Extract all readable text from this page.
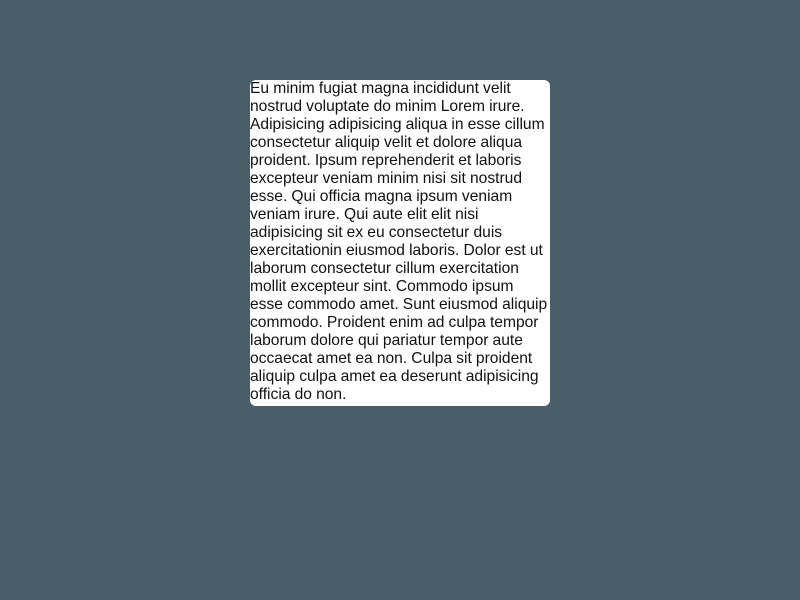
Eu minim fugiat magna incididunt velit nostrud voluptate do minim Lorem irure. Adipisicing adipisicing aliqua in esse cillum consectetur aliquip velit et dolore aliqua proident. Ipsum reprehenderit et laboris excepteur veniam minim nisi sit nostrud esse. Qui officia magna ipsum veniam veniam irure. Qui aute elit elit nisi adipisicing sit ex eu consectetur duis exercitationin eiusmod laboris. Dolor est ut laborum consectetur cillum exercitation mollit excepteur sint. Commodo ipsum esse commodo amet. Sunt eiusmod aliquip commodo. Proident enim ad culpa tempor laborum dolore qui pariatur tempor aute occaecat amet ea non. Culpa sit proident aliquip culpa amet ea deserunt adipisicing officia do non.
